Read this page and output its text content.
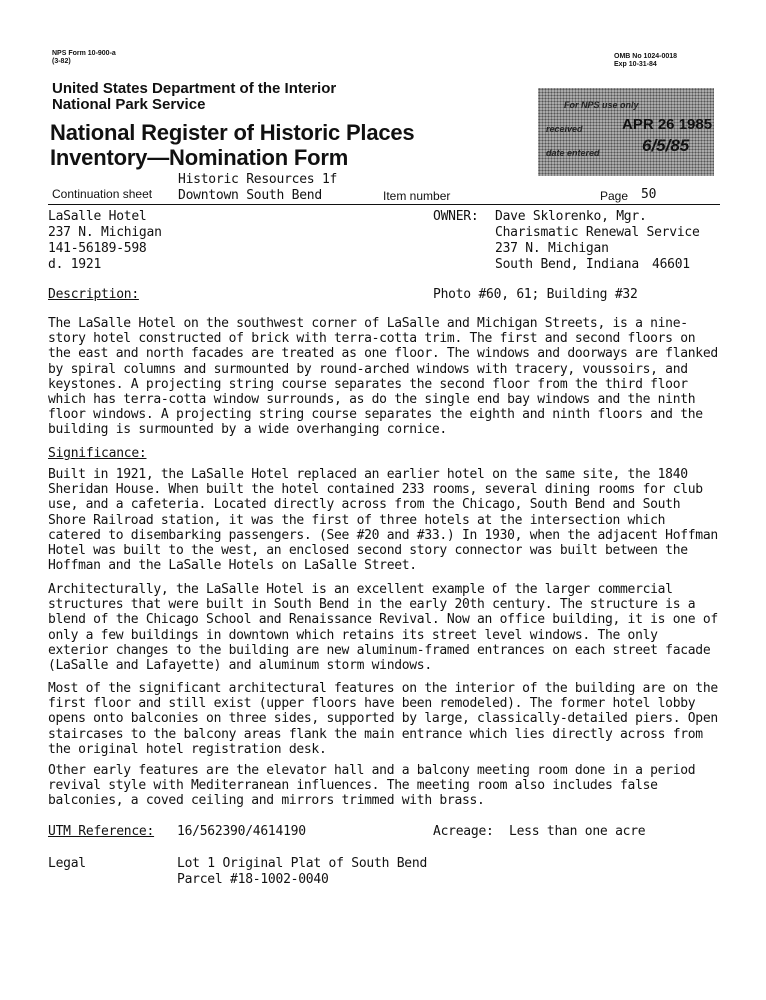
NPS Form 10-900-a
(3-82)
OMB No 1024-0018
Exp 10-31-84
United States Department of the Interior
National Park Service
National Register of Historic Places
Inventory—Nomination Form
For NPS use only
received	APR 26 1985
date entered 6/5/85
Continuation sheet
Historic Resources 1f
Downtown South Bend	Item number	Page 50
LaSalle Hotel
237 N. Michigan
141-56189-598
d. 1921
OWNER: Dave Sklorenko, Mgr.
Charismatic Renewal Service
237 N. Michigan
South Bend, Indiana 46601
Description:	Photo #60, 61; Building #32

The LaSalle Hotel on the southwest corner of LaSalle and Michigan Streets, is a nine-story hotel constructed of brick with terra-cotta trim. The first and second floors on the east and north facades are treated as one floor. The windows and doorways are flanked by spiral columns and surmounted by round-arched windows with tracery, voussoirs, and keystones. A projecting string course separates the second floor from the third floor which has terra-cotta window surrounds, as do the single end bay windows and the ninth floor windows. A projecting string course separates the eighth and ninth floors and the building is surmounted by a wide overhanging cornice.

Significance:

Built in 1921, the LaSalle Hotel replaced an earlier hotel on the same site, the 1840 Sheridan House. When built the hotel contained 233 rooms, several dining rooms for club use, and a cafeteria. Located directly across from the Chicago, South Bend and South Shore Railroad station, it was the first of three hotels at the intersection which catered to disembarking passengers. (See #20 and #33.) In 1930, when the adjacent Hoffman Hotel was built to the west, an enclosed second story connector was built between the Hoffman and the LaSalle Hotels on LaSalle Street.

Architecturally, the LaSalle Hotel is an excellent example of the larger commercial structures that were built in South Bend in the early 20th century. The structure is a blend of the Chicago School and Renaissance Revival. Now an office building, it is one of only a few buildings in downtown which retains its street level windows. The only exterior changes to the building are new aluminum-framed entrances on each street facade (LaSalle and Lafayette) and aluminum storm windows.

Most of the significant architectural features on the interior of the building are on the first floor and still exist (upper floors have been remodeled). The former hotel lobby opens onto balconies on three sides, supported by large, classically-detailed piers. Open staircases to the balcony areas flank the main entrance which lies directly across from the original hotel registration desk.

Other early features are the elevator hall and a balcony meeting room done in a period revival style with Mediterranean influences. The meeting room also includes false balconies, a coved ceiling and mirrors trimmed with brass.

UTM Reference: 16/562390/4614190	Acreage: Less than one acre
Legal	Lot 1 Original Plat of South Bend
Parcel #18-1002-0040
